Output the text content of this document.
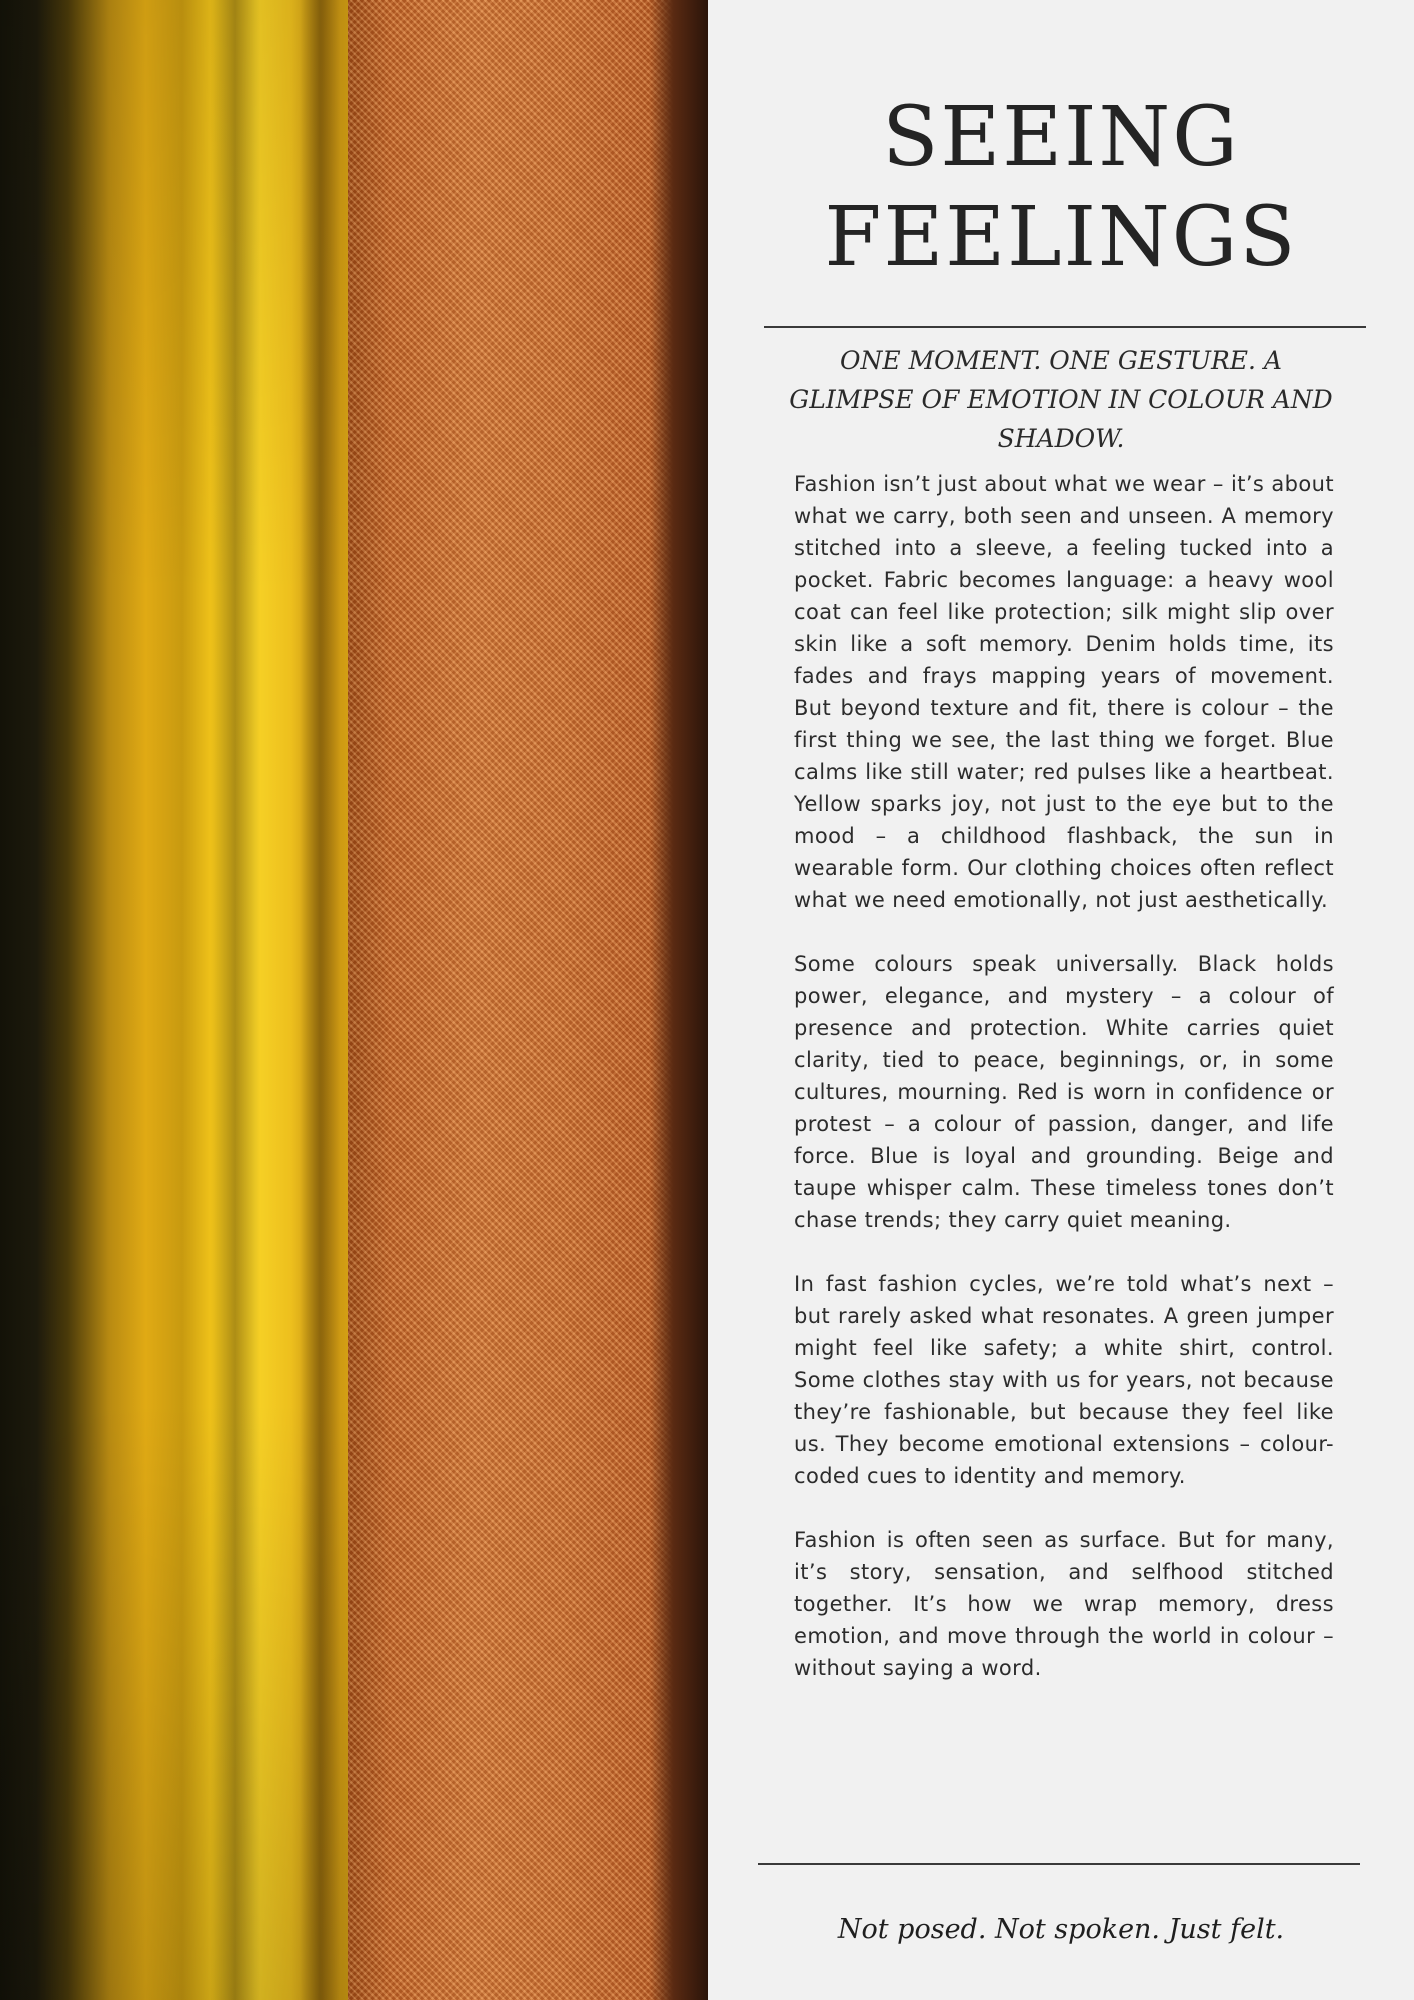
SEEING
FEELINGS

ONE MOMENT. ONE GESTURE. A GLIMPSE OF EMOTION IN COLOUR AND SHADOW.

Fashion isn’t just about what we wear – it’s about what we carry, both seen and unseen. A memory stitched into a sleeve, a feeling tucked into a pocket. Fabric becomes language: a heavy wool coat can feel like protection; silk might slip over skin like a soft memory. Denim holds time, its fades and frays mapping years of movement. But beyond texture and fit, there is colour – the first thing we see, the last thing we forget. Blue calms like still water; red pulses like a heartbeat. Yellow sparks joy, not just to the eye but to the mood – a childhood flashback, the sun in wearable form. Our clothing choices often reflect what we need emotionally, not just aesthetically.

Some colours speak universally. Black holds power, elegance, and mystery – a colour of presence and protection. White carries quiet clarity, tied to peace, beginnings, or, in some cultures, mourning. Red is worn in confidence or protest – a colour of passion, danger, and life force. Blue is loyal and grounding. Beige and taupe whisper calm. These timeless tones don’t chase trends; they carry quiet meaning.

In fast fashion cycles, we’re told what’s next – but rarely asked what resonates. A green jumper might feel like safety; a white shirt, control. Some clothes stay with us for years, not because they’re fashionable, but because they feel like us. They become emotional extensions – colour-coded cues to identity and memory.

Fashion is often seen as surface. But for many, it’s story, sensation, and selfhood stitched together. It’s how we wrap memory, dress emotion, and move through the world in colour – without saying a word.

Not posed. Not spoken. Just felt.
